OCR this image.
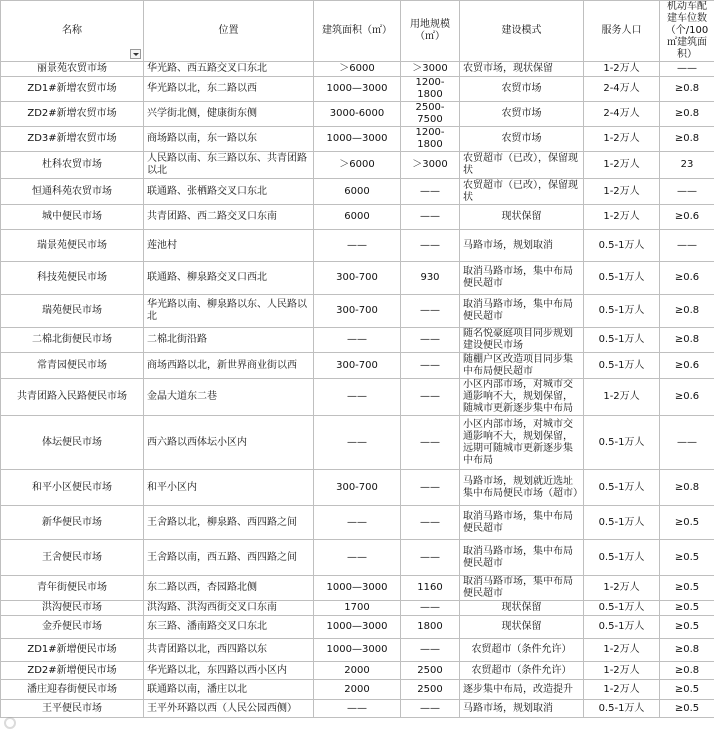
名称	位置	建筑面积（㎡）	用地规模（㎡）	建设模式	服务人口	机动车配建车位数（个/100㎡建筑面积）
丽景苑农贸市场	华光路、西五路交叉口东北	＞6000	＞3000	农贸市场，现状保留	1-2万人	——
ZD1#新增农贸市场	华光路以北，东二路以西	1000—3000	1200-1800	农贸市场	2-4万人	≥0.8
ZD2#新增农贸市场	兴学街北侧，健康街东侧	3000-6000	2500-7500	农贸市场	2-4万人	≥0.8
ZD3#新增农贸市场	商场路以南，东一路以东	1000—3000	1200-1800	农贸市场	1-2万人	≥0.8
杜科农贸市场	人民路以南、东三路以东、共青团路以北	＞6000	＞3000	农贸超市（已改），保留现状	1-2万人	23
恒通科苑农贸市场	联通路、张栖路交叉口东北	6000	——	农贸超市（已改），保留现状	1-2万人	——
城中便民市场	共青团路、西二路交叉口东南	6000	——	现状保留	1-2万人	≥0.6
瑞景苑便民市场	莲池村	——	——	马路市场，规划取消	0.5-1万人	——
科技苑便民市场	联通路、柳泉路交叉口西北	300-700	930	取消马路市场，集中布局便民超市	0.5-1万人	≥0.6
瑞苑便民市场	华光路以南、柳泉路以东、人民路以北	300-700	——	取消马路市场，集中布局便民超市	0.5-1万人	≥0.8
二棉北街便民市场	二棉北街沿路	——	——	随名悦豪庭项目同步规划建设便民市场	0.5-1万人	≥0.8
常青园便民市场	商场西路以北，新世界商业街以西	300-700	——	随棚户区改造项目同步集中布局便民超市	0.5-1万人	≥0.6
共青团路入民路便民市场	金晶大道东二巷	——	——	小区内部市场，对城市交通影响不大，规划保留，随城市更新逐步集中布局	1-2万人	≥0.6
体坛便民市场	西六路以西体坛小区内	——	——	小区内部市场，对城市交通影响不大，规划保留，远期可随城市更新逐步集中布局	0.5-1万人	——
和平小区便民市场	和平小区内	300-700	——	马路市场，规划就近选址集中布局便民市场（超市）	0.5-1万人	≥0.8
新华便民市场	王舍路以北，柳泉路、西四路之间	——	——	取消马路市场，集中布局便民超市	0.5-1万人	≥0.5
王舍便民市场	王舍路以南，西五路、西四路之间	——	——	取消马路市场，集中布局便民超市	0.5-1万人	≥0.5
青年街便民市场	东二路以西，杏园路北侧	1000—3000	1160	取消马路市场，集中布局便民超市	1-2万人	≥0.5
洪沟便民市场	洪沟路、洪沟西街交叉口东南	1700	——	现状保留	0.5-1万人	≥0.5
金乔便民市场	东三路、潘南路交叉口东北	1000—3000	1800	现状保留	0.5-1万人	≥0.5
ZD1#新增便民市场	共青团路以北，西四路以东	1000—3000	——	农贸超市（条件允许）	1-2万人	≥0.8
ZD2#新增便民市场	华光路以北，东四路以西小区内	2000	2500	农贸超市（条件允许）	1-2万人	≥0.8
潘庄迎春街便民市场	联通路以南，潘庄以北	2000	2500	逐步集中布局，改造提升	1-2万人	≥0.5
王平便民市场	王平外环路以西（人民公园西侧）	——	——	马路市场，规划取消	0.5-1万人	≥0.5
